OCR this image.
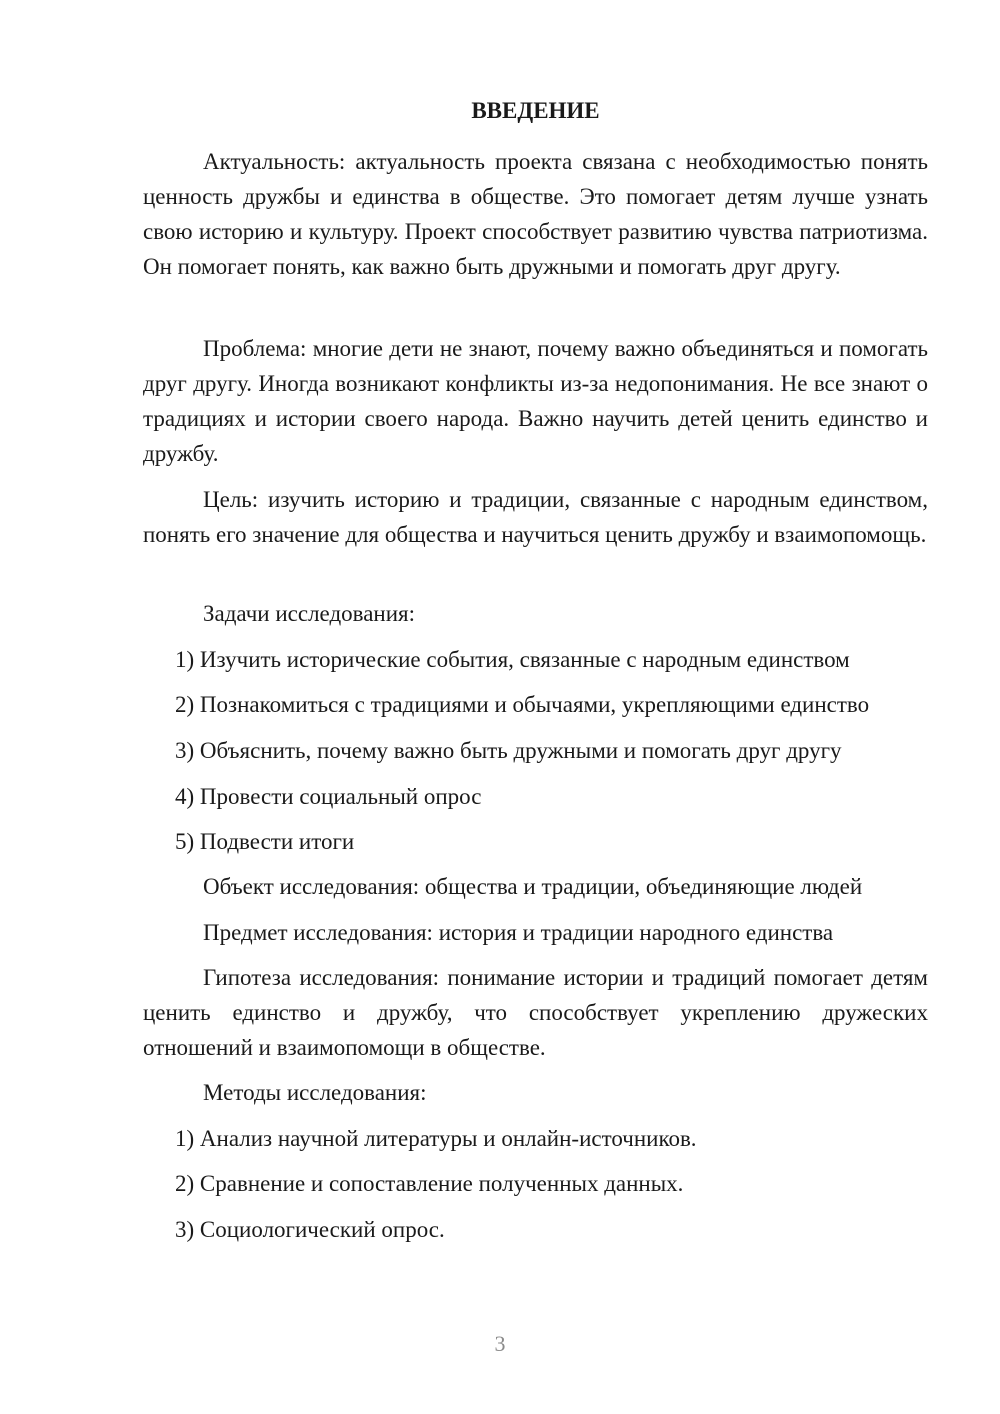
ВВЕДЕНИЕ

Актуальность: актуальность проекта связана с необходимостью понять ценность дружбы и единства в обществе. Это помогает детям лучше узнать свою историю и культуру. Проект способствует развитию чувства патриотизма. Он помогает понять, как важно быть дружными и помогать друг другу.

Проблема: многие дети не знают, почему важно объединяться и помогать друг другу. Иногда возникают конфликты из-за недопонимания. Не все знают о традициях и истории своего народа. Важно научить детей ценить единство и дружбу.

Цель: изучить историю и традиции, связанные с народным единством, понять его значение для общества и научиться ценить дружбу и взаимопомощь.

Задачи исследования:

1) Изучить исторические события, связанные с народным единством

2) Познакомиться с традициями и обычаями, укрепляющими единство

3) Объяснить, почему важно быть дружными и помогать друг другу

4) Провести социальный опрос

5) Подвести итоги

Объект исследования: общества и традиции, объединяющие людей

Предмет исследования: история и традиции народного единства

Гипотеза исследования: понимание истории и традиций помогает детям ценить единство и дружбу, что способствует укреплению дружеских отношений и взаимопомощи в обществе.

Методы исследования:

1) Анализ научной литературы и онлайн-источников.

2) Сравнение и сопоставление полученных данных.

3) Социологический опрос.

3
